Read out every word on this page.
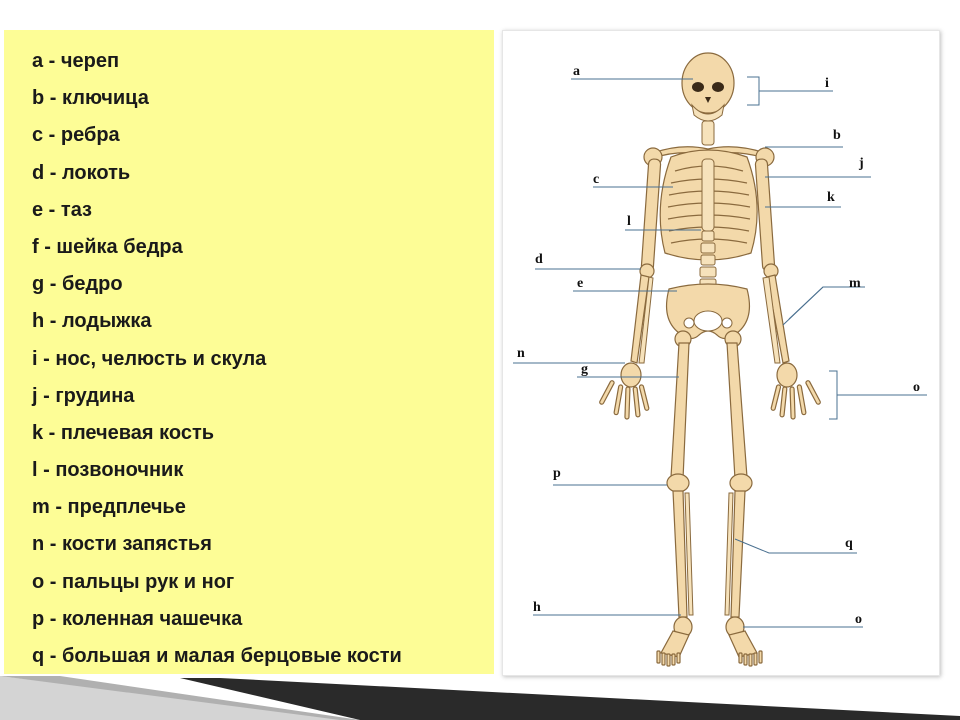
a - череп
b - ключица
c - ребра
d - локоть
e - таз
f - шейка бедра
g - бедро
h - лодыжка
i - нос, челюсть и скула
j - грудина
k - плечевая кость
l - позвоночник
m - предплечье
n - кости запястья
o - пальцы рук и ног
p - коленная чашечка
q - большая и малая берцовые кости
a
i
b
j
c
k
l
d
e	m
n
g
o
p
q
h
o
